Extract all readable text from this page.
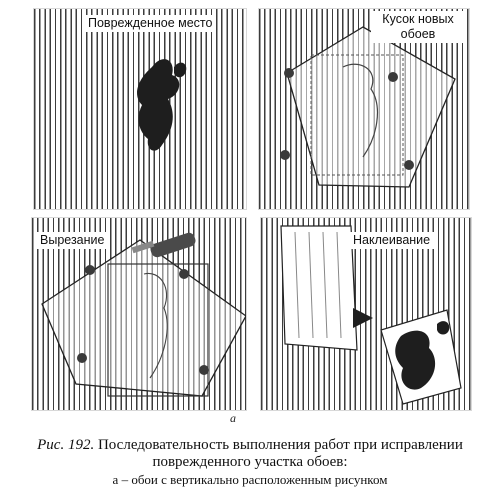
Поврежденное место	Кусок новых
обоев
Вырезание	Наклеивание
а
Рис. 192. Последовательность выполнения работ при исправлении
поврежденного участка обоев:
а – обои с вертикально расположенным рисунком
